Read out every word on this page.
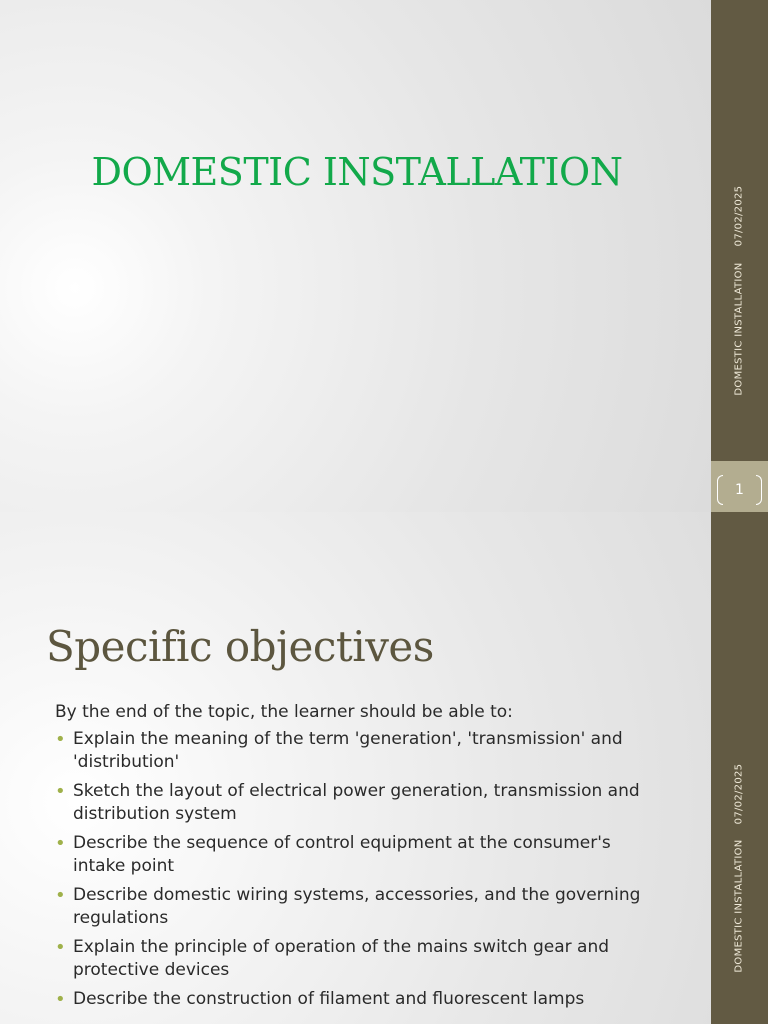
DOMESTIC INSTALLATION
07/02/2025
DOMESTIC INSTALLATION
1
Specific objectives
By the end of the topic, the learner should be able to:
• Explain the meaning of the term 'generation', 'transmission' and 'distribution'
• Sketch the layout of electrical power generation, transmission and distribution system
• Describe the sequence of control equipment at the consumer's intake point
• Describe domestic wiring systems, accessories, and the governing regulations
• Explain the principle of operation of the mains switch gear and protective devices
• Describe the construction of filament and fluorescent lamps
07/02/2025
DOMESTIC INSTALLATION
